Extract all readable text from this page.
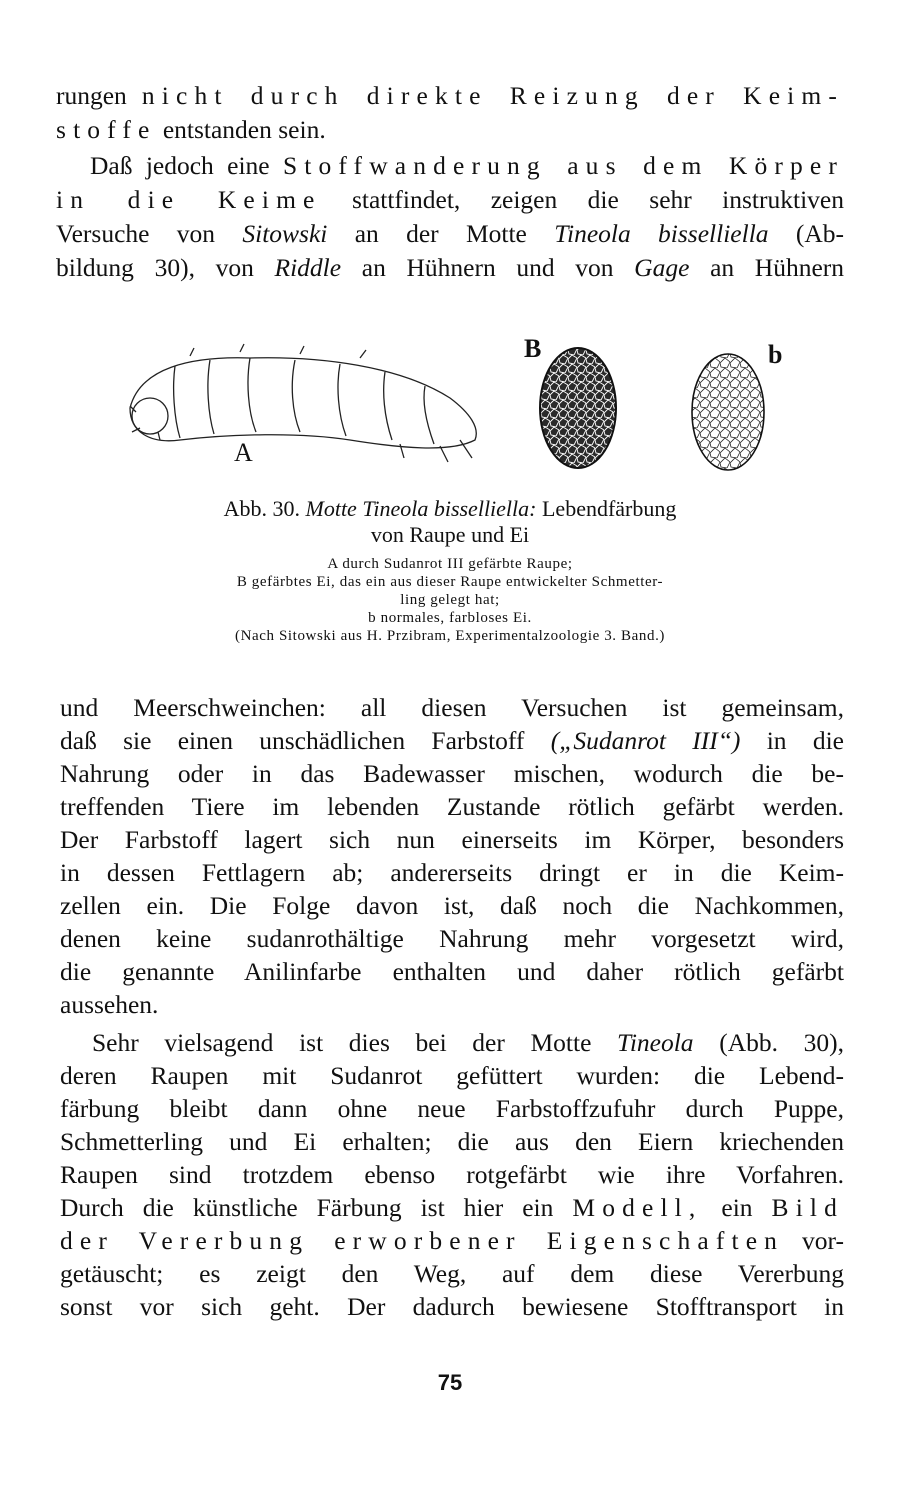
rungen nicht durch direkte Reizung der Keim-
stoffe entstanden sein.
Daß jedoch eine Stoffwanderung aus dem Körper
in die Keime stattfindet, zeigen die sehr instruktiven
Versuche von Sitowski an der Motte Tineola bisselliella (Ab-
bildung 30), von Riddle an Hühnern und von Gage an Hühnern
A
B	b
Abb. 30. Motte Tineola bisselliella: Lebendfärbung
von Raupe und Ei
A durch Sudanrot III gefärbte Raupe;
B gefärbtes Ei, das ein aus dieser Raupe entwickelter Schmetter-
ling gelegt hat;
b normales, farbloses Ei.
(Nach Sitowski aus H. Przibram, Experimentalzoologie 3. Band.)
und Meerschweinchen: all diesen Versuchen ist gemeinsam,
daß sie einen unschädlichen Farbstoff („Sudanrot III“) in die
Nahrung oder in das Badewasser mischen, wodurch die be-
treffenden Tiere im lebenden Zustande rötlich gefärbt werden.
Der Farbstoff lagert sich nun einerseits im Körper, besonders
in dessen Fettlagern ab; andererseits dringt er in die Keim-
zellen ein. Die Folge davon ist, daß noch die Nachkommen,
denen keine sudanrothältige Nahrung mehr vorgesetzt wird,
die genannte Anilinfarbe enthalten und daher rötlich gefärbt
aussehen.
Sehr vielsagend ist dies bei der Motte Tineola (Abb. 30),
deren Raupen mit Sudanrot gefüttert wurden: die Lebend-
färbung bleibt dann ohne neue Farbstoffzufuhr durch Puppe,
Schmetterling und Ei erhalten; die aus den Eiern kriechenden
Raupen sind trotzdem ebenso rotgefärbt wie ihre Vorfahren.
Durch die künstliche Färbung ist hier ein Modell, ein Bild
der Vererbung erworbener Eigenschaften vor-
getäuscht; es zeigt den Weg, auf dem diese Vererbung
sonst vor sich geht. Der dadurch bewiesene Stofftransport in
75
